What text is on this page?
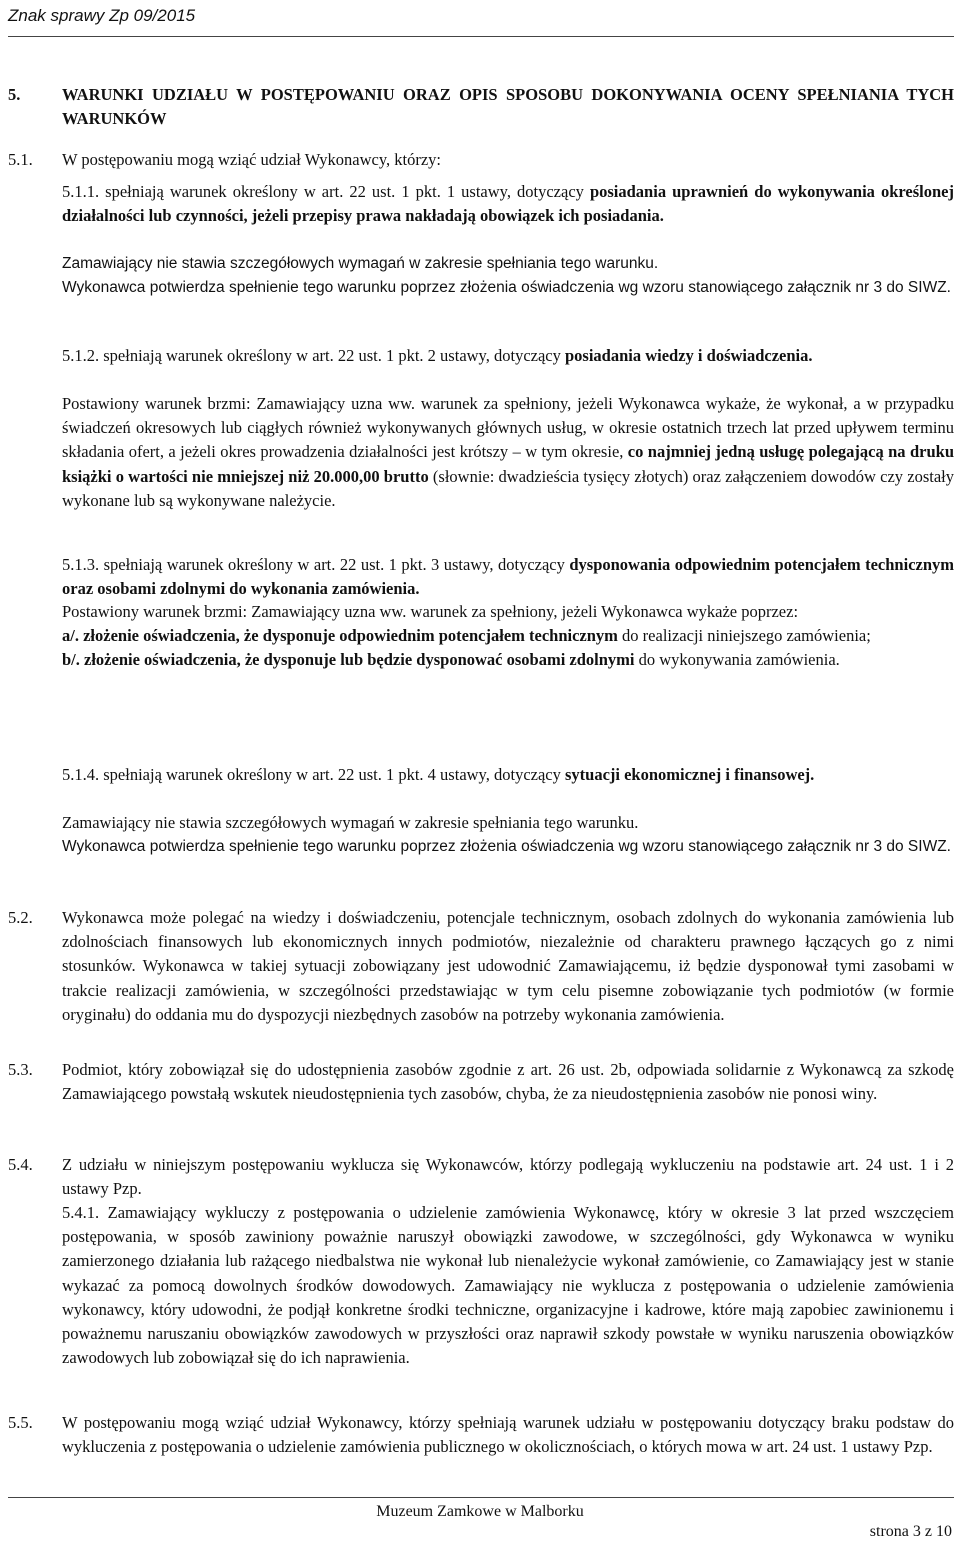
Znak sprawy Zp 09/2015
5.	WARUNKI UDZIAŁU W POSTĘPOWANIU ORAZ OPIS SPOSOBU DOKONYWANIA OCENY SPEŁNIANIA TYCH WARUNKÓW
5.1. W postępowaniu mogą wziąć udział Wykonawcy, którzy:
5.1.1. spełniają warunek określony w art. 22 ust. 1 pkt. 1 ustawy, dotyczący posiadania uprawnień do wykonywania określonej działalności lub czynności, jeżeli przepisy prawa nakładają obowiązek ich posiadania.
Zamawiający nie stawia szczegółowych wymagań w zakresie spełniania tego warunku.
Wykonawca potwierdza spełnienie tego warunku poprzez złożenia oświadczenia wg wzoru stanowiącego załącznik nr 3 do SIWZ.
5.1.2. spełniają warunek określony w art. 22 ust. 1 pkt. 2 ustawy, dotyczący posiadania wiedzy i doświadczenia.
Postawiony warunek brzmi: Zamawiający uzna ww. warunek za spełniony, jeżeli Wykonawca wykaże, że wykonał, a w przypadku świadczeń okresowych lub ciągłych również wykonywanych głównych usług, w okresie ostatnich trzech lat przed upływem terminu składania ofert, a jeżeli okres prowadzenia działalności jest krótszy – w tym okresie, co najmniej jedną usługę polegającą na druku książki o wartości nie mniejszej niż 20.000,00 brutto (słownie: dwadzieścia tysięcy złotych) oraz załączeniem dowodów czy zostały wykonane lub są wykonywane należycie.
5.1.3. spełniają warunek określony w art. 22 ust. 1 pkt. 3 ustawy, dotyczący dysponowania odpowiednim potencjałem technicznym oraz osobami zdolnymi do wykonania zamówienia.
Postawiony warunek brzmi: Zamawiający uzna ww. warunek za spełniony, jeżeli Wykonawca wykaże poprzez:
a/. złożenie oświadczenia, że dysponuje odpowiednim potencjałem technicznym do realizacji niniejszego zamówienia;
b/. złożenie oświadczenia, że dysponuje lub będzie dysponować osobami zdolnymi do wykonywania zamówienia.
5.1.4. spełniają warunek określony w art. 22 ust. 1 pkt. 4 ustawy, dotyczący sytuacji ekonomicznej i finansowej.
Zamawiający nie stawia szczegółowych wymagań w zakresie spełniania tego warunku.
Wykonawca potwierdza spełnienie tego warunku poprzez złożenia oświadczenia wg wzoru stanowiącego załącznik nr 3 do SIWZ.
5.2. Wykonawca może polegać na wiedzy i doświadczeniu, potencjale technicznym, osobach zdolnych do wykonania zamówienia lub zdolnościach finansowych lub ekonomicznych innych podmiotów, niezależnie od charakteru prawnego łączących go z nimi stosunków. Wykonawca w takiej sytuacji zobowiązany jest udowodnić Zamawiającemu, iż będzie dysponował tymi zasobami w trakcie realizacji zamówienia, w szczególności przedstawiając w tym celu pisemne zobowiązanie tych podmiotów (w formie oryginału) do oddania mu do dyspozycji niezbędnych zasobów na potrzeby wykonania zamówienia.
5.3. Podmiot, który zobowiązał się do udostępnienia zasobów zgodnie z art. 26 ust. 2b, odpowiada solidarnie z Wykonawcą za szkodę Zamawiającego powstałą wskutek nieudostępnienia tych zasobów, chyba, że za nieudostępnienia zasobów nie ponosi winy.
5.4. Z udziału w niniejszym postępowaniu wyklucza się Wykonawców, którzy podlegają wykluczeniu na podstawie art. 24 ust. 1 i 2 ustawy Pzp.
5.4.1. Zamawiający wykluczy z postępowania o udzielenie zamówienia Wykonawcę, który w okresie 3 lat przed wszczęciem postępowania, w sposób zawiniony poważnie naruszył obowiązki zawodowe, w szczególności, gdy Wykonawca w wyniku zamierzonego działania lub rażącego niedbalstwa nie wykonał lub nienależycie wykonał zamówienie, co Zamawiający jest w stanie wykazać za pomocą dowolnych środków dowodowych. Zamawiający nie wyklucza z postępowania o udzielenie zamówienia wykonawcy, który udowodni, że podjął konkretne środki techniczne, organizacyjne i kadrowe, które mają zapobiec zawinionemu i poważnemu naruszaniu obowiązków zawodowych w przyszłości oraz naprawił szkody powstałe w wyniku naruszenia obowiązków zawodowych lub zobowiązał się do ich naprawienia.
5.5. W postępowaniu mogą wziąć udział Wykonawcy, którzy spełniają warunek udziału w postępowaniu dotyczący braku podstaw do wykluczenia z postępowania o udzielenie zamówienia publicznego w okolicznościach, o których mowa w art. 24 ust. 1 ustawy Pzp.
Muzeum Zamkowe w Malborku
strona 3 z 10
